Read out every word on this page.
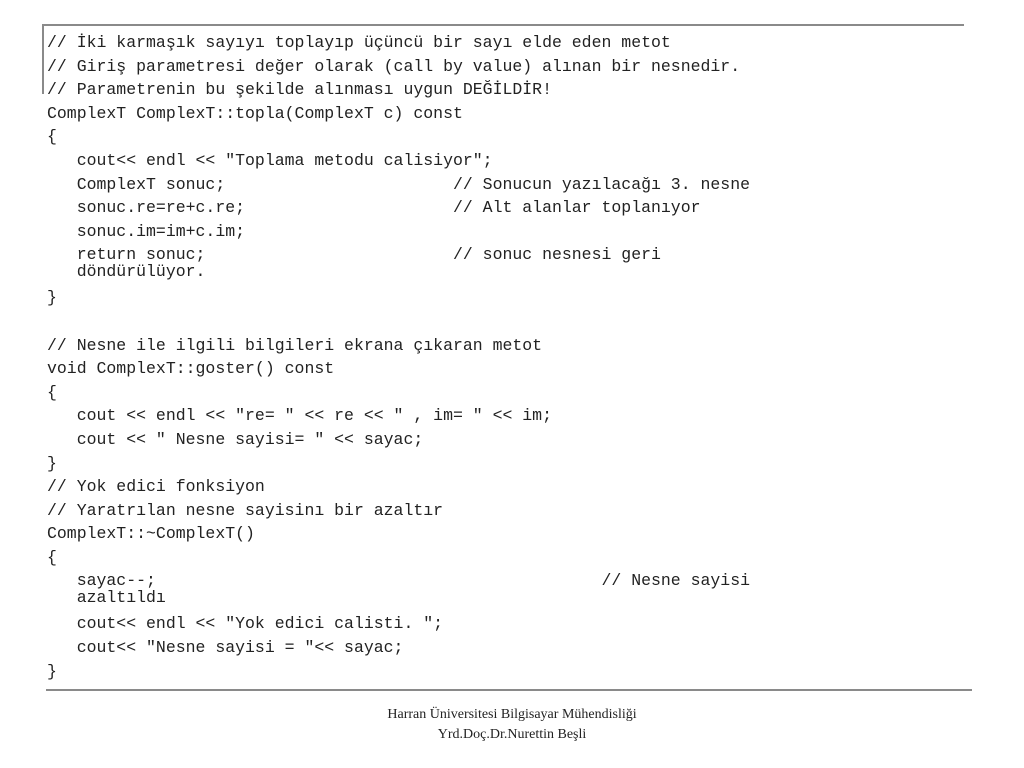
// İki karmaşık sayıyı toplayıp üçüncü bir sayı elde eden metot
// Giriş parametresi değer olarak (call by value) alınan bir nesnedir.
// Parametrenin bu şekilde alınması uygun DEĞİLDİR!
ComplexT ComplexT::topla(ComplexT c) const
{
cout<< endl << "Toplama metodu calisiyor";
ComplexT sonuc;                       // Sonucun yazılacağı 3. nesne
sonuc.re=re+c.re;                     // Alt alanlar toplanıyor
sonuc.im=im+c.im;
return sonuc;                         // sonuc nesnesi geri
döndürülüyor.
}
// Nesne ile ilgili bilgileri ekrana çıkaran metot
void ComplexT::goster() const
{
cout << endl << "re= " << re << " , im= " << im;
cout << " Nesne sayisi= " << sayac;
}
// Yok edici fonksiyon
// Yaratrılan nesne sayisinı bir azaltır
ComplexT::~ComplexT()
{
sayac--;                                             // Nesne sayisi
azaltıldı
cout<< endl << "Yok edici calisti. ";
cout<< "Nesne sayisi = "<< sayac;
}
Harran Üniversitesi Bilgisayar Mühendisliği
Yrd.Doç.Dr.Nurettin Beşli
